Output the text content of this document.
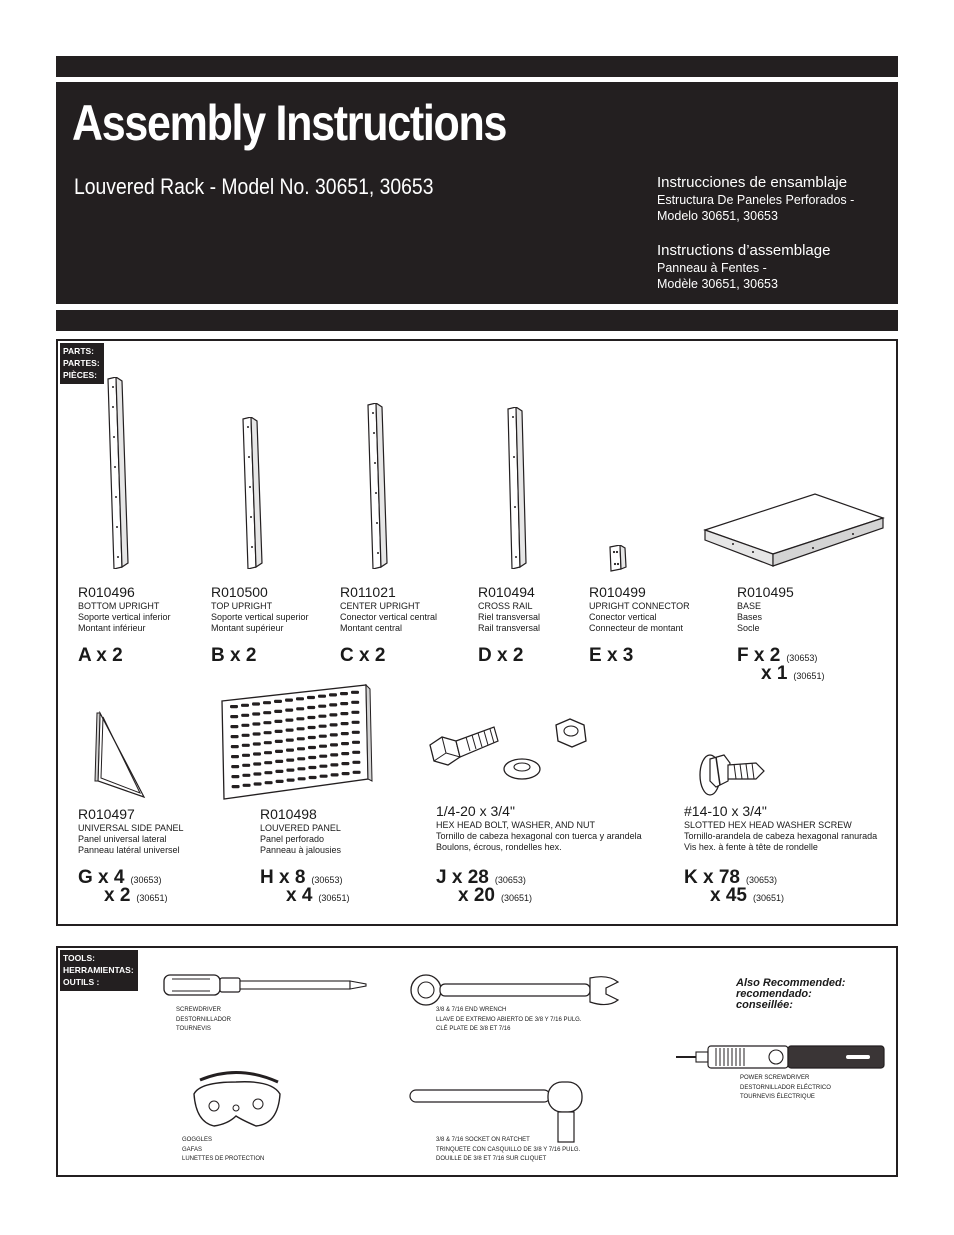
Assembly Instructions
Louvered Rack - Model No. 30651, 30653	Instrucciones de ensamblaje
Estructura De Paneles Perforados -
Modelo 30651, 30653
Instructions d’assemblage
Panneau à Fentes -
Modèle 30651, 30653
PARTS:
PARTES:
PIÈCES:
R010496
BOTTOM UPRIGHT
Soporte vertical inferior
Montant inférieur
A x 2
R010500
TOP UPRIGHT
Soporte vertical superior
Montant supérieur
B x 2
R011021
CENTER UPRIGHT
Conector vertical central
Montant central
C x 2
R010494
CROSS RAIL
Riel transversal
Rail transversal
D x 2
R010499
UPRIGHT CONNECTOR
Conector vertical
Connecteur de montant
E x 3
R010495
BASE
Bases
Socle
F x 2 (30653)
x 1 (30651)
R010497
UNIVERSAL SIDE PANEL
Panel universal lateral
Panneau latéral universel
G x 4 (30653)
x 2 (30651)
R010498
LOUVERED PANEL
Panel perforado
Panneau à jalousies
H x 8 (30653)
x 4 (30651)
1/4-20 x 3/4"
HEX HEAD BOLT, WASHER, AND NUT
Tornillo de cabeza hexagonal con tuerca y arandela
Boulons, écrous, rondelles hex.
J x 28 (30653)
x 20 (30651)
#14-10 x 3/4"
SLOTTED HEX HEAD WASHER SCREW
Tornillo-arandela de cabeza hexagonal ranurada
Vis hex. à fente à tête de rondelle
K x 78 (30653)
x 45 (30651)
TOOLS:
HERRAMIENTAS:
OUTILS :
SCREWDRIVER
DESTORNILLADOR
TOURNEVIS
3/8 & 7/16 END WRENCH
LLAVE DE EXTREMO ABIERTO DE 3/8 Y 7/16 PULG.
CLÉ PLATE DE 3/8 ET 7/16
GOGGLES
GAFAS
LUNETTES DE PROTECTION
3/8 & 7/16 SOCKET ON RATCHET
TRINQUETE CON CASQUILLO DE 3/8 Y 7/16 PULG.
DOUILLE DE 3/8 ET 7/16 SUR CLIQUET
Also Recommended:
recomendado:
conseillée:
POWER SCREWDRIVER
DESTORNILLADOR ELÉCTRICO
TOURNEVIS ÉLECTRIQUE
